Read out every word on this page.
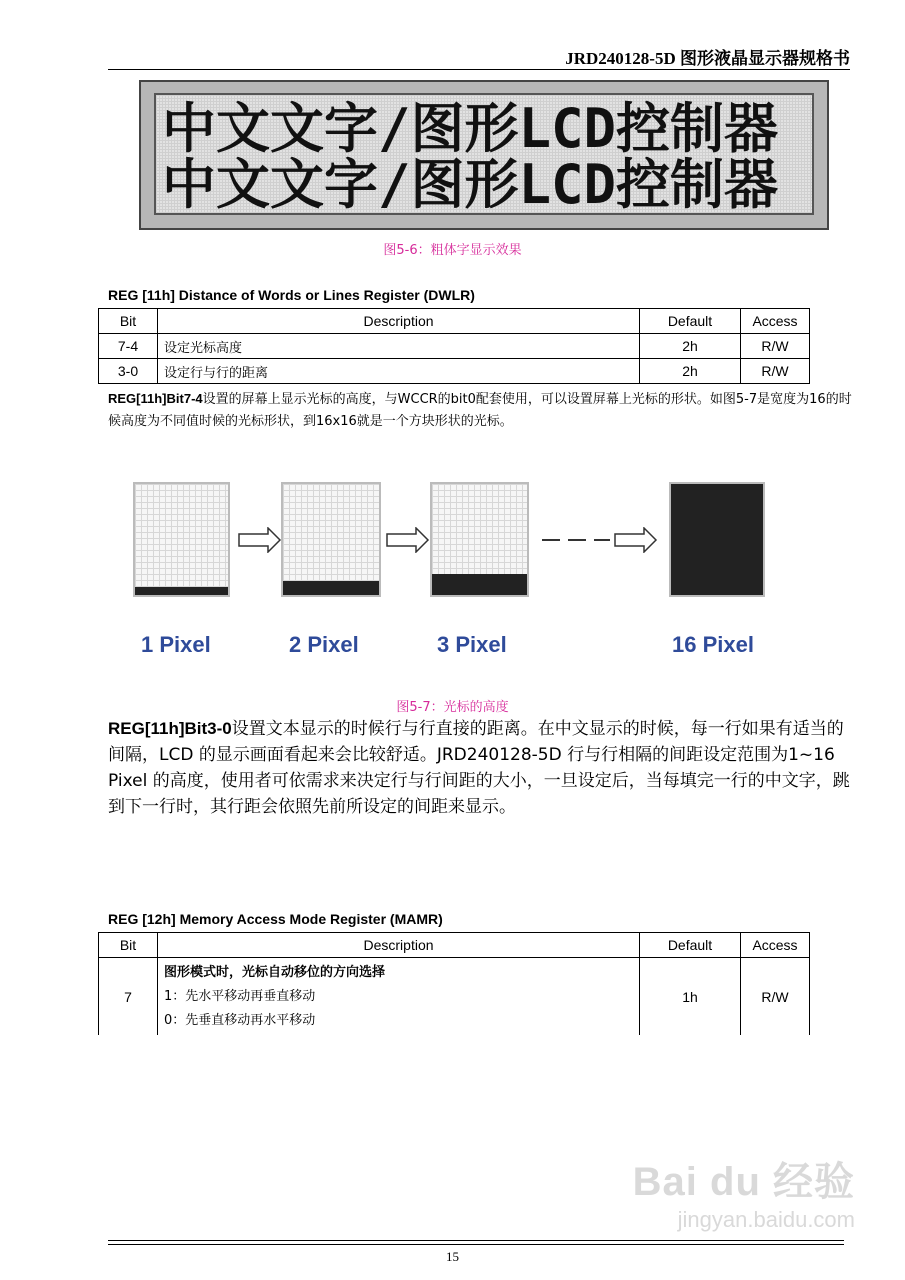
JRD240128-5D 图形液晶显示器规格书
中文文字/图形LCD控制器
中文文字/图形LCD控制器
图5-6：粗体字显示效果
REG [11h] Distance of Words or Lines Register (DWLR)
Bit	Description	Default	Access
7-4	设定光标高度	2h	R/W
3-0	设定行与行的距离	2h	R/W
REG[11h]Bit7-4设置的屏幕上显示光标的高度，与WCCR的bit0配套使用，可以设置屏幕上光标的形状。如图5-7是宽度为16的时候高度为不同值时候的光标形状，到16x16就是一个方块形状的光标。
1 Pixel	2 Pixel	3 Pixel	16 Pixel
图5-7：光标的高度
REG[11h]Bit3-0设置文本显示的时候行与行直接的距离。在中文显示的时候，每一行如果有适当的间隔，LCD 的显示画面看起来会比较舒适。JRD240128-5D 行与行相隔的间距设定范围为1~16 Pixel 的高度，使用者可依需求来决定行与行间距的大小，一旦设定后，当每填完一行的中文字，跳到下一行时，其行距会依照先前所设定的间距来显示。
REG [12h] Memory Access Mode Register (MAMR)
Bit	Description	Default	Access
7	图形模式时，光标自动移位的方向选择
1：先水平移动再垂直移动
0：先垂直移动再水平移动	1h	R/W
Bai du 经验
jingyan.baidu.com
15
